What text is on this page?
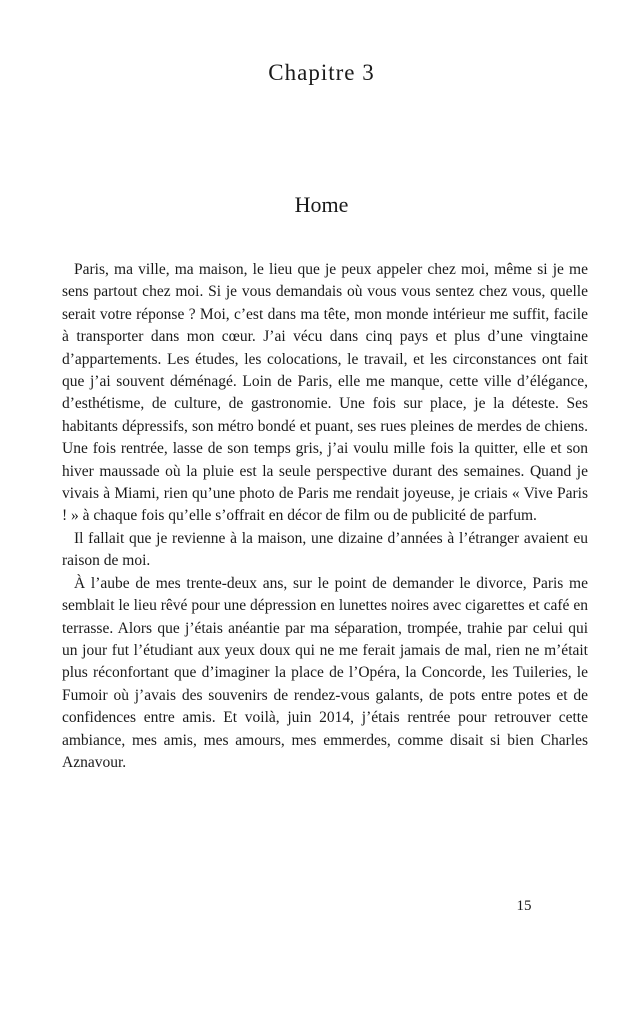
Chapitre 3
Home

Paris, ma ville, ma maison, le lieu que je peux appeler chez moi, même si je me sens partout chez moi. Si je vous demandais où vous vous sentez chez vous, quelle serait votre réponse ? Moi, c’est dans ma tête, mon monde intérieur me suffit, facile à transporter dans mon cœur. J’ai vécu dans cinq pays et plus d’une vingtaine d’appartements. Les études, les colocations, le travail, et les circonstances ont fait que j’ai souvent déménagé. Loin de Paris, elle me manque, cette ville d’élégance, d’esthétisme, de culture, de gastronomie. Une fois sur place, je la déteste. Ses habitants dépressifs, son métro bondé et puant, ses rues pleines de merdes de chiens. Une fois rentrée, lasse de son temps gris, j’ai voulu mille fois la quitter, elle et son hiver maussade où la pluie est la seule perspective durant des semaines. Quand je vivais à Miami, rien qu’une photo de Paris me rendait joyeuse, je criais « Vive Paris ! » à chaque fois qu’elle s’offrait en décor de film ou de publicité de parfum.

Il fallait que je revienne à la maison, une dizaine d’années à l’étranger avaient eu raison de moi.

À l’aube de mes trente-deux ans, sur le point de demander le divorce, Paris me semblait le lieu rêvé pour une dépression en lunettes noires avec cigarettes et café en terrasse. Alors que j’étais anéantie par ma séparation, trompée, trahie par celui qui un jour fut l’étudiant aux yeux doux qui ne me ferait jamais de mal, rien ne m’était plus réconfortant que d’imaginer la place de l’Opéra, la Concorde, les Tuileries, le Fumoir où j’avais des souvenirs de rendez-vous galants, de pots entre potes et de confidences entre amis. Et voilà, juin 2014, j’étais rentrée pour retrouver cette ambiance, mes amis, mes amours, mes emmerdes, comme disait si bien Charles Aznavour.

15
